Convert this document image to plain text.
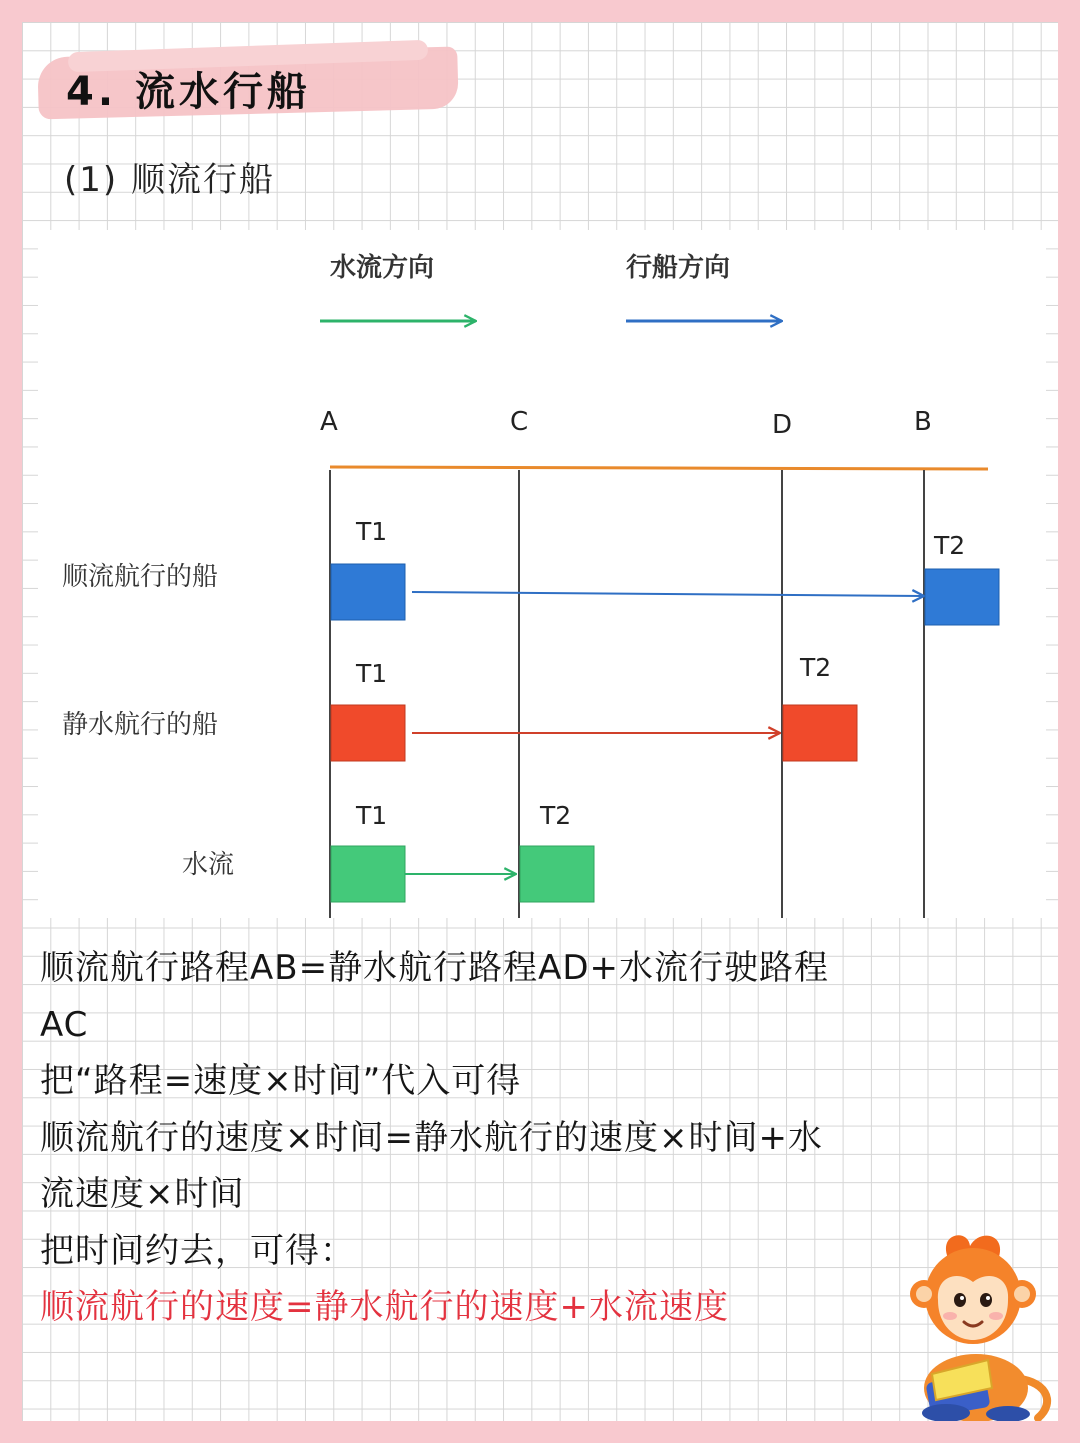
4. 流水行船
(1) 顺流行船
水流方向	行船方向
A	C	D	B
顺流航行的船
T1	T2
静水航行的船
T1	T2
水流
T1	T2
顺流航行路程AB=静水航行路程AD+水流行驶路程
AC
把“路程=速度×时间”代入可得
顺流航行的速度×时间=静水航行的速度×时间+水
流速度×时间
把时间约去，可得：
顺流航行的速度=静水航行的速度+水流速度
